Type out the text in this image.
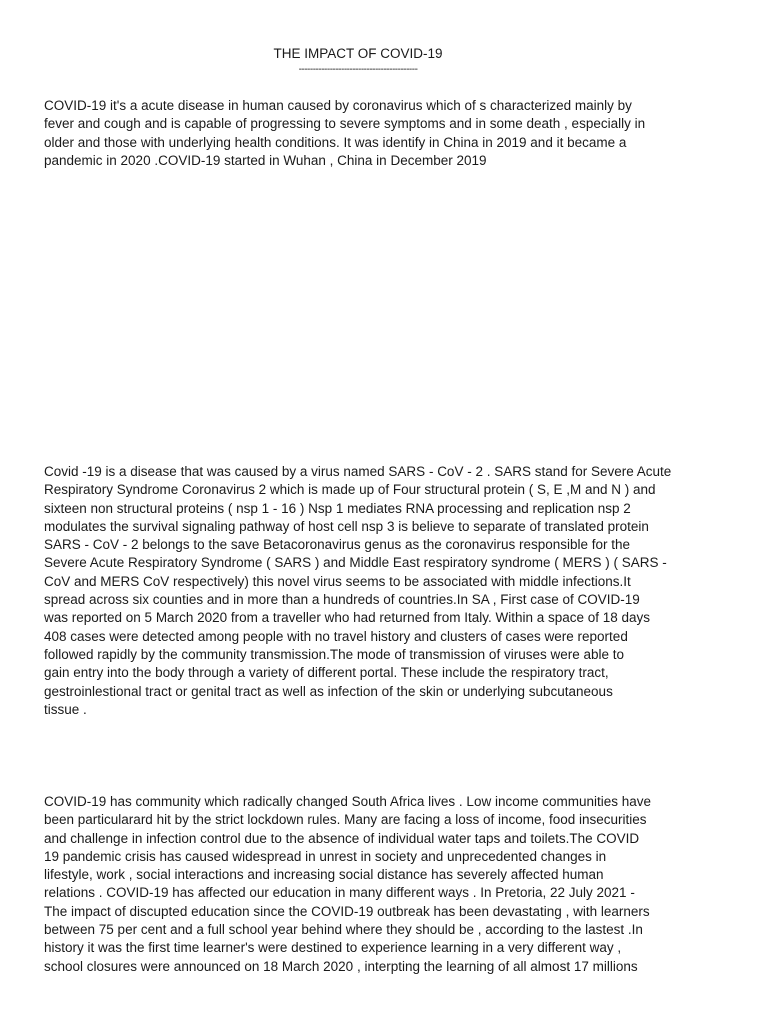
THE IMPACT OF COVID-19
------------------------------------------

COVID-19 it's a acute disease in human caused by coronavirus which of s characterized mainly by
fever and cough and is capable of progressing to severe symptoms and in some death , especially in
older and those with underlying health conditions. It was identify in China in 2019 and it became a
pandemic in 2020 .COVID-19 started in Wuhan , China in December 2019

Covid -19 is a disease that was caused by a virus named SARS - CoV - 2 . SARS stand for Severe Acute
Respiratory Syndrome Coronavirus 2 which is made up of Four structural protein ( S, E ,M and N ) and
sixteen non structural proteins ( nsp 1 - 16 ) Nsp 1 mediates RNA processing and replication nsp 2
modulates the survival signaling pathway of host cell nsp 3 is believe to separate of translated protein
SARS - CoV - 2 belongs to the save Betacoronavirus genus as the coronavirus responsible for the
Severe Acute Respiratory Syndrome ( SARS ) and Middle East respiratory syndrome ( MERS ) ( SARS -
CoV and MERS CoV respectively) this novel virus seems to be associated with middle infections.It
spread across six counties and in more than a hundreds of countries.In SA , First case of COVID-19
was reported on 5 March 2020 from a traveller who had returned from Italy. Within a space of 18 days
408 cases were detected among people with no travel history and clusters of cases were reported
followed rapidly by the community transmission.The mode of transmission of viruses were able to
gain entry into the body through a variety of different portal. These include the respiratory tract,
gestroinlestional tract or genital tract as well as infection of the skin or underlying subcutaneous
tissue .

COVID-19 has community which radically changed South Africa lives . Low income communities have
been particularard hit by the strict lockdown rules. Many are facing a loss of income, food insecurities
and challenge in infection control due to the absence of individual water taps and toilets.The COVID
19 pandemic crisis has caused widespread in unrest in society and unprecedented changes in
lifestyle, work , social interactions and increasing social distance has severely affected human
relations . COVID-19 has affected our education in many different ways . In Pretoria, 22 July 2021 -
The impact of discupted education since the COVID-19 outbreak has been devastating , with learners
between 75 per cent and a full school year behind where they should be , according to the lastest .In
history it was the first time learner's were destined to experience learning in a very different way ,
school closures were announced on 18 March 2020 , interpting the learning of all almost 17 millions
